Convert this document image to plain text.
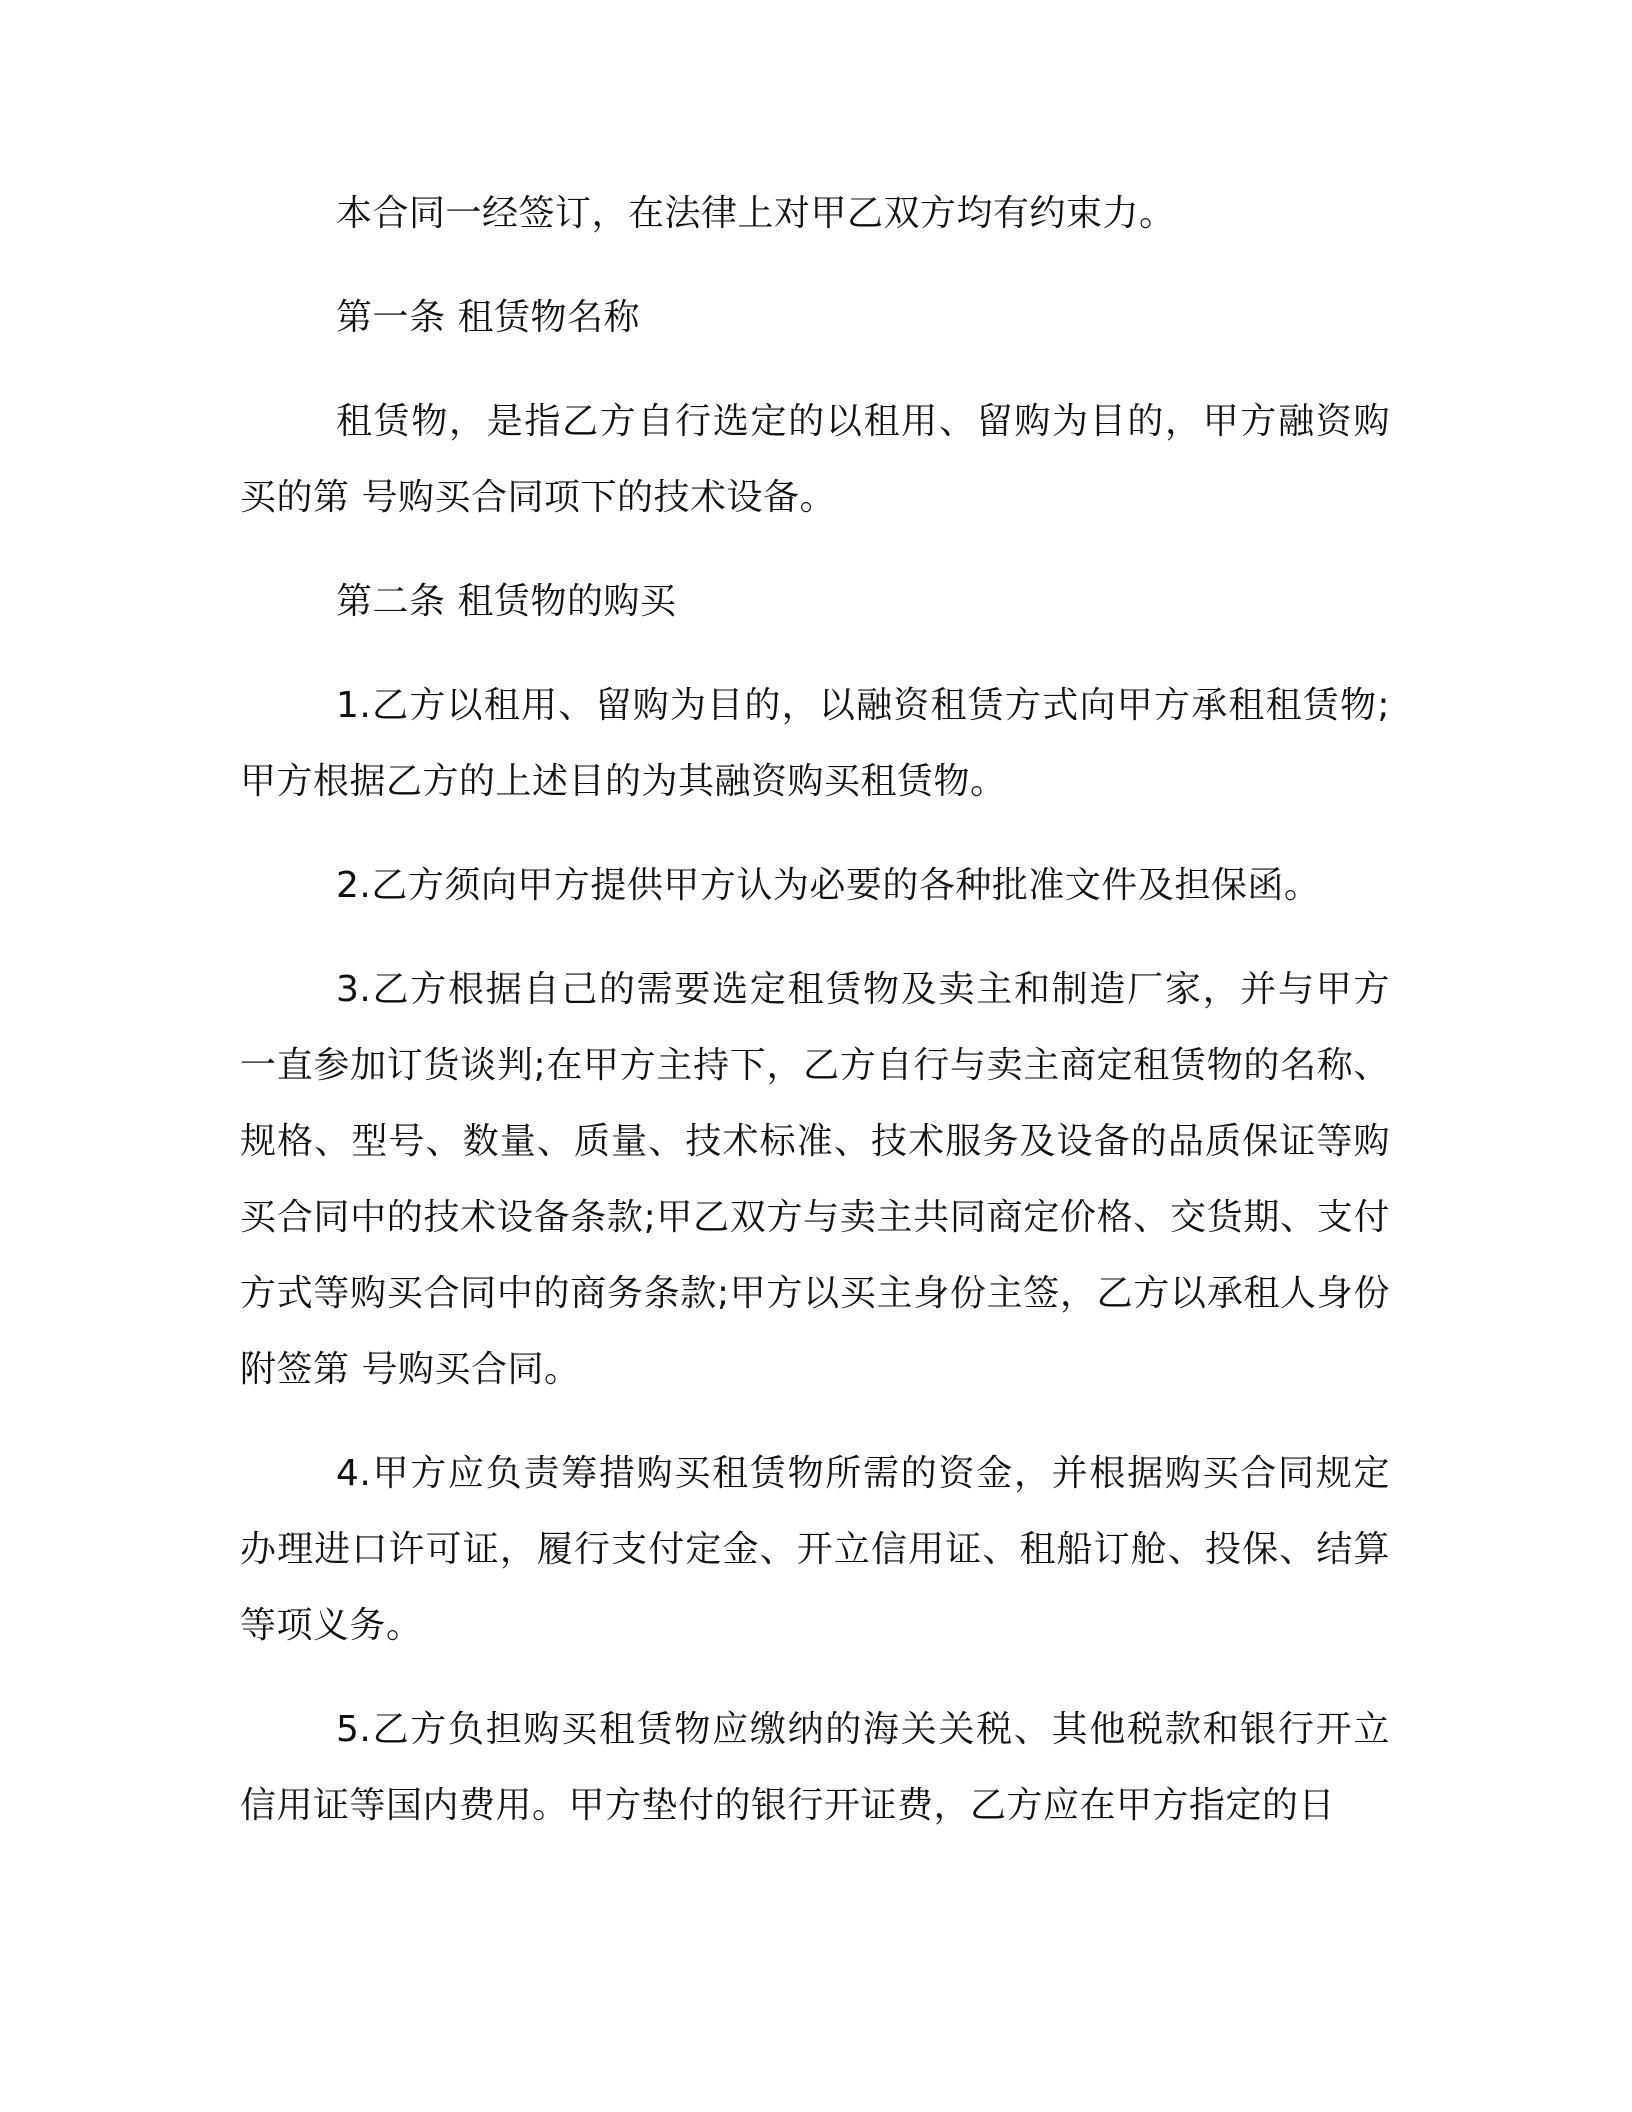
本合同一经签订，在法律上对甲乙双方均有约束力。

第一条 租赁物名称

租赁物，是指乙方自行选定的以租用、留购为目的，甲方融资购买的第 号购买合同项下的技术设备。

第二条 租赁物的购买

1.乙方以租用、留购为目的，以融资租赁方式向甲方承租租赁物;甲方根据乙方的上述目的为其融资购买租赁物。

2.乙方须向甲方提供甲方认为必要的各种批准文件及担保函。

3.乙方根据自己的需要选定租赁物及卖主和制造厂家，并与甲方一直参加订货谈判;在甲方主持下，乙方自行与卖主商定租赁物的名称、规格、型号、数量、质量、技术标准、技术服务及设备的品质保证等购买合同中的技术设备条款;甲乙双方与卖主共同商定价格、交货期、支付方式等购买合同中的商务条款;甲方以买主身份主签，乙方以承租人身份附签第 号购买合同。

4.甲方应负责筹措购买租赁物所需的资金，并根据购买合同规定办理进口许可证，履行支付定金、开立信用证、租船订舱、投保、结算等项义务。

5.乙方负担购买租赁物应缴纳的海关关税、其他税款和银行开立信用证等国内费用。甲方垫付的银行开证费，乙方应在甲方指定的日
